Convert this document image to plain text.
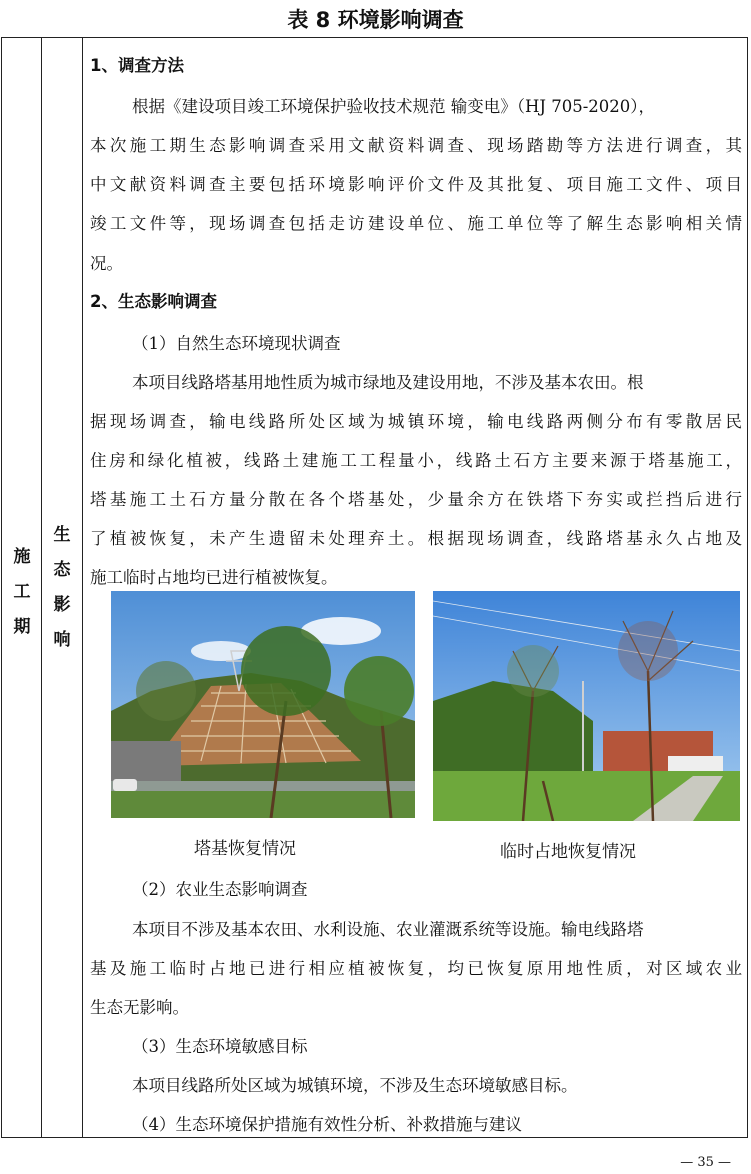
表 8 环境影响调查
施
工
期
生
态
影
响
1、调查方法
根据《建设项目竣工环境保护验收技术规范 输变电》（HJ 705-2020），
本次施工期生态影响调查采用文献资料调查、现场踏勘等方法进行调查，其
中文献资料调查主要包括环境影响评价文件及其批复、项目施工文件、项目
竣工文件等，现场调查包括走访建设单位、施工单位等了解生态影响相关情
况。
2、生态影响调查
（1）自然生态环境现状调查
本项目线路塔基用地性质为城市绿地及建设用地，不涉及基本农田。根
据现场调查，输电线路所处区域为城镇环境，输电线路两侧分布有零散居民
住房和绿化植被，线路土建施工工程量小，线路土石方主要来源于塔基施工，
塔基施工土石方量分散在各个塔基处，少量余方在铁塔下夯实或拦挡后进行
了植被恢复，未产生遗留未处理弃土。根据现场调查，线路塔基永久占地及
施工临时占地均已进行植被恢复。
塔基恢复情况	临时占地恢复情况
（2）农业生态影响调查
本项目不涉及基本农田、水利设施、农业灌溉系统等设施。输电线路塔
基及施工临时占地已进行相应植被恢复，均已恢复原用地性质，对区域农业
生态无影响。
（3）生态环境敏感目标
本项目线路所处区域为城镇环境，不涉及生态环境敏感目标。
（4）生态环境保护措施有效性分析、补救措施与建议
— 35 —
